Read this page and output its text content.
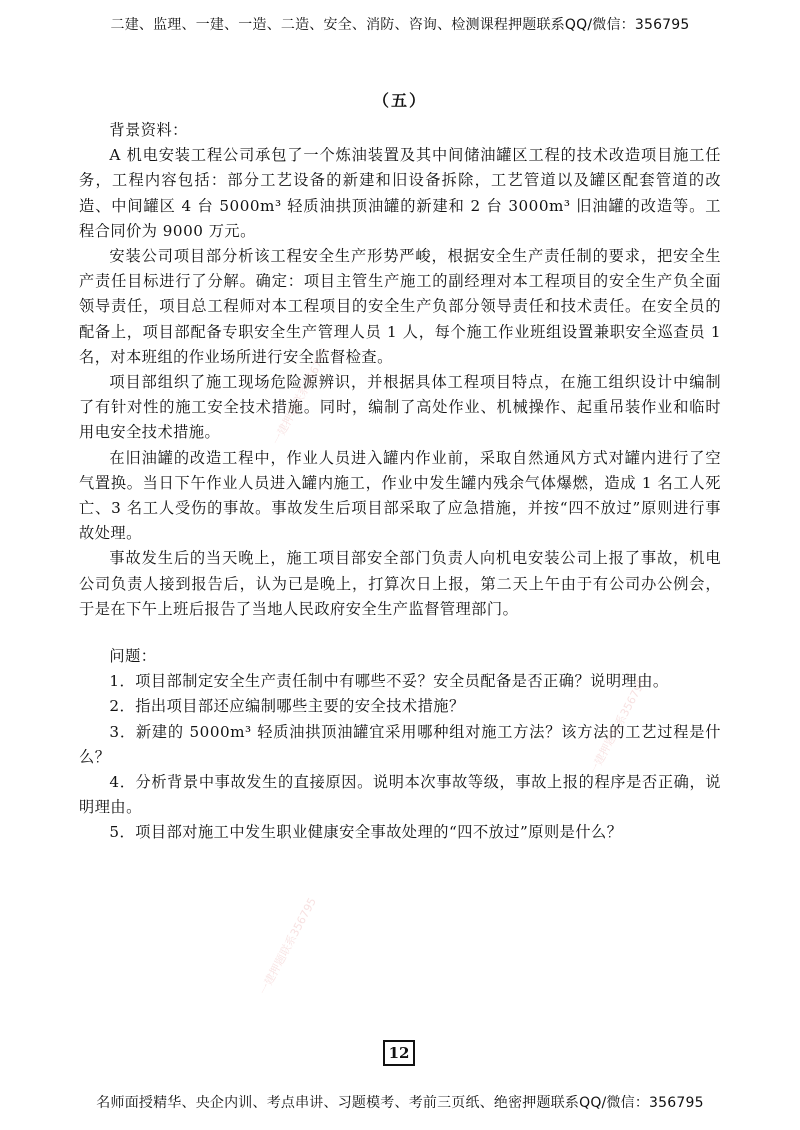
二建、监理、一建、一造、二造、安全、消防、咨询、检测课程押题联系QQ/微信：356795
（五）
背景资料：

A 机电安装工程公司承包了一个炼油装置及其中间储油罐区工程的技术改造项目施工任务，工程内容包括：部分工艺设备的新建和旧设备拆除，工艺管道以及罐区配套管道的改造、中间罐区 4 台 5000m³ 轻质油拱顶油罐的新建和 2 台 3000m³ 旧油罐的改造等。工程合同价为 9000 万元。

安装公司项目部分析该工程安全生产形势严峻，根据安全生产责任制的要求，把安全生产责任目标进行了分解。确定：项目主管生产施工的副经理对本工程项目的安全生产负全面领导责任，项目总工程师对本工程项目的安全生产负部分领导责任和技术责任。在安全员的配备上，项目部配备专职安全生产管理人员 1 人，每个施工作业班组设置兼职安全巡查员 1 名，对本班组的作业场所进行安全监督检查。

项目部组织了施工现场危险源辨识，并根据具体工程项目特点，在施工组织设计中编制了有针对性的施工安全技术措施。同时，编制了高处作业、机械操作、起重吊装作业和临时用电安全技术措施。

在旧油罐的改造工程中，作业人员进入罐内作业前，采取自然通风方式对罐内进行了空气置换。当日下午作业人员进入罐内施工，作业中发生罐内残余气体爆燃，造成 1 名工人死亡、3 名工人受伤的事故。事故发生后项目部采取了应急措施，并按“四不放过”原则进行事故处理。

事故发生后的当天晚上，施工项目部安全部门负责人向机电安装公司上报了事故，机电公司负责人接到报告后，认为已是晚上，打算次日上报，第二天上午由于有公司办公例会，于是在下午上班后报告了当地人民政府安全生产监督管理部门。

问题：

1．项目部制定安全生产责任制中有哪些不妥？安全员配备是否正确？说明理由。

2．指出项目部还应编制哪些主要的安全技术措施？

3．新建的 5000m³ 轻质油拱顶油罐宜采用哪种组对施工方法？该方法的工艺过程是什么？

4．分析背景中事故发生的直接原因。说明本次事故等级，事故上报的程序是否正确，说明理由。

5．项目部对施工中发生职业健康安全事故处理的“四不放过”原则是什么？

12
名师面授精华、央企内训、考点串讲、习题模考、考前三页纸、绝密押题联系QQ/微信：356795
一建押题联系356795
一建押题联系356795
一建押题联系356795
